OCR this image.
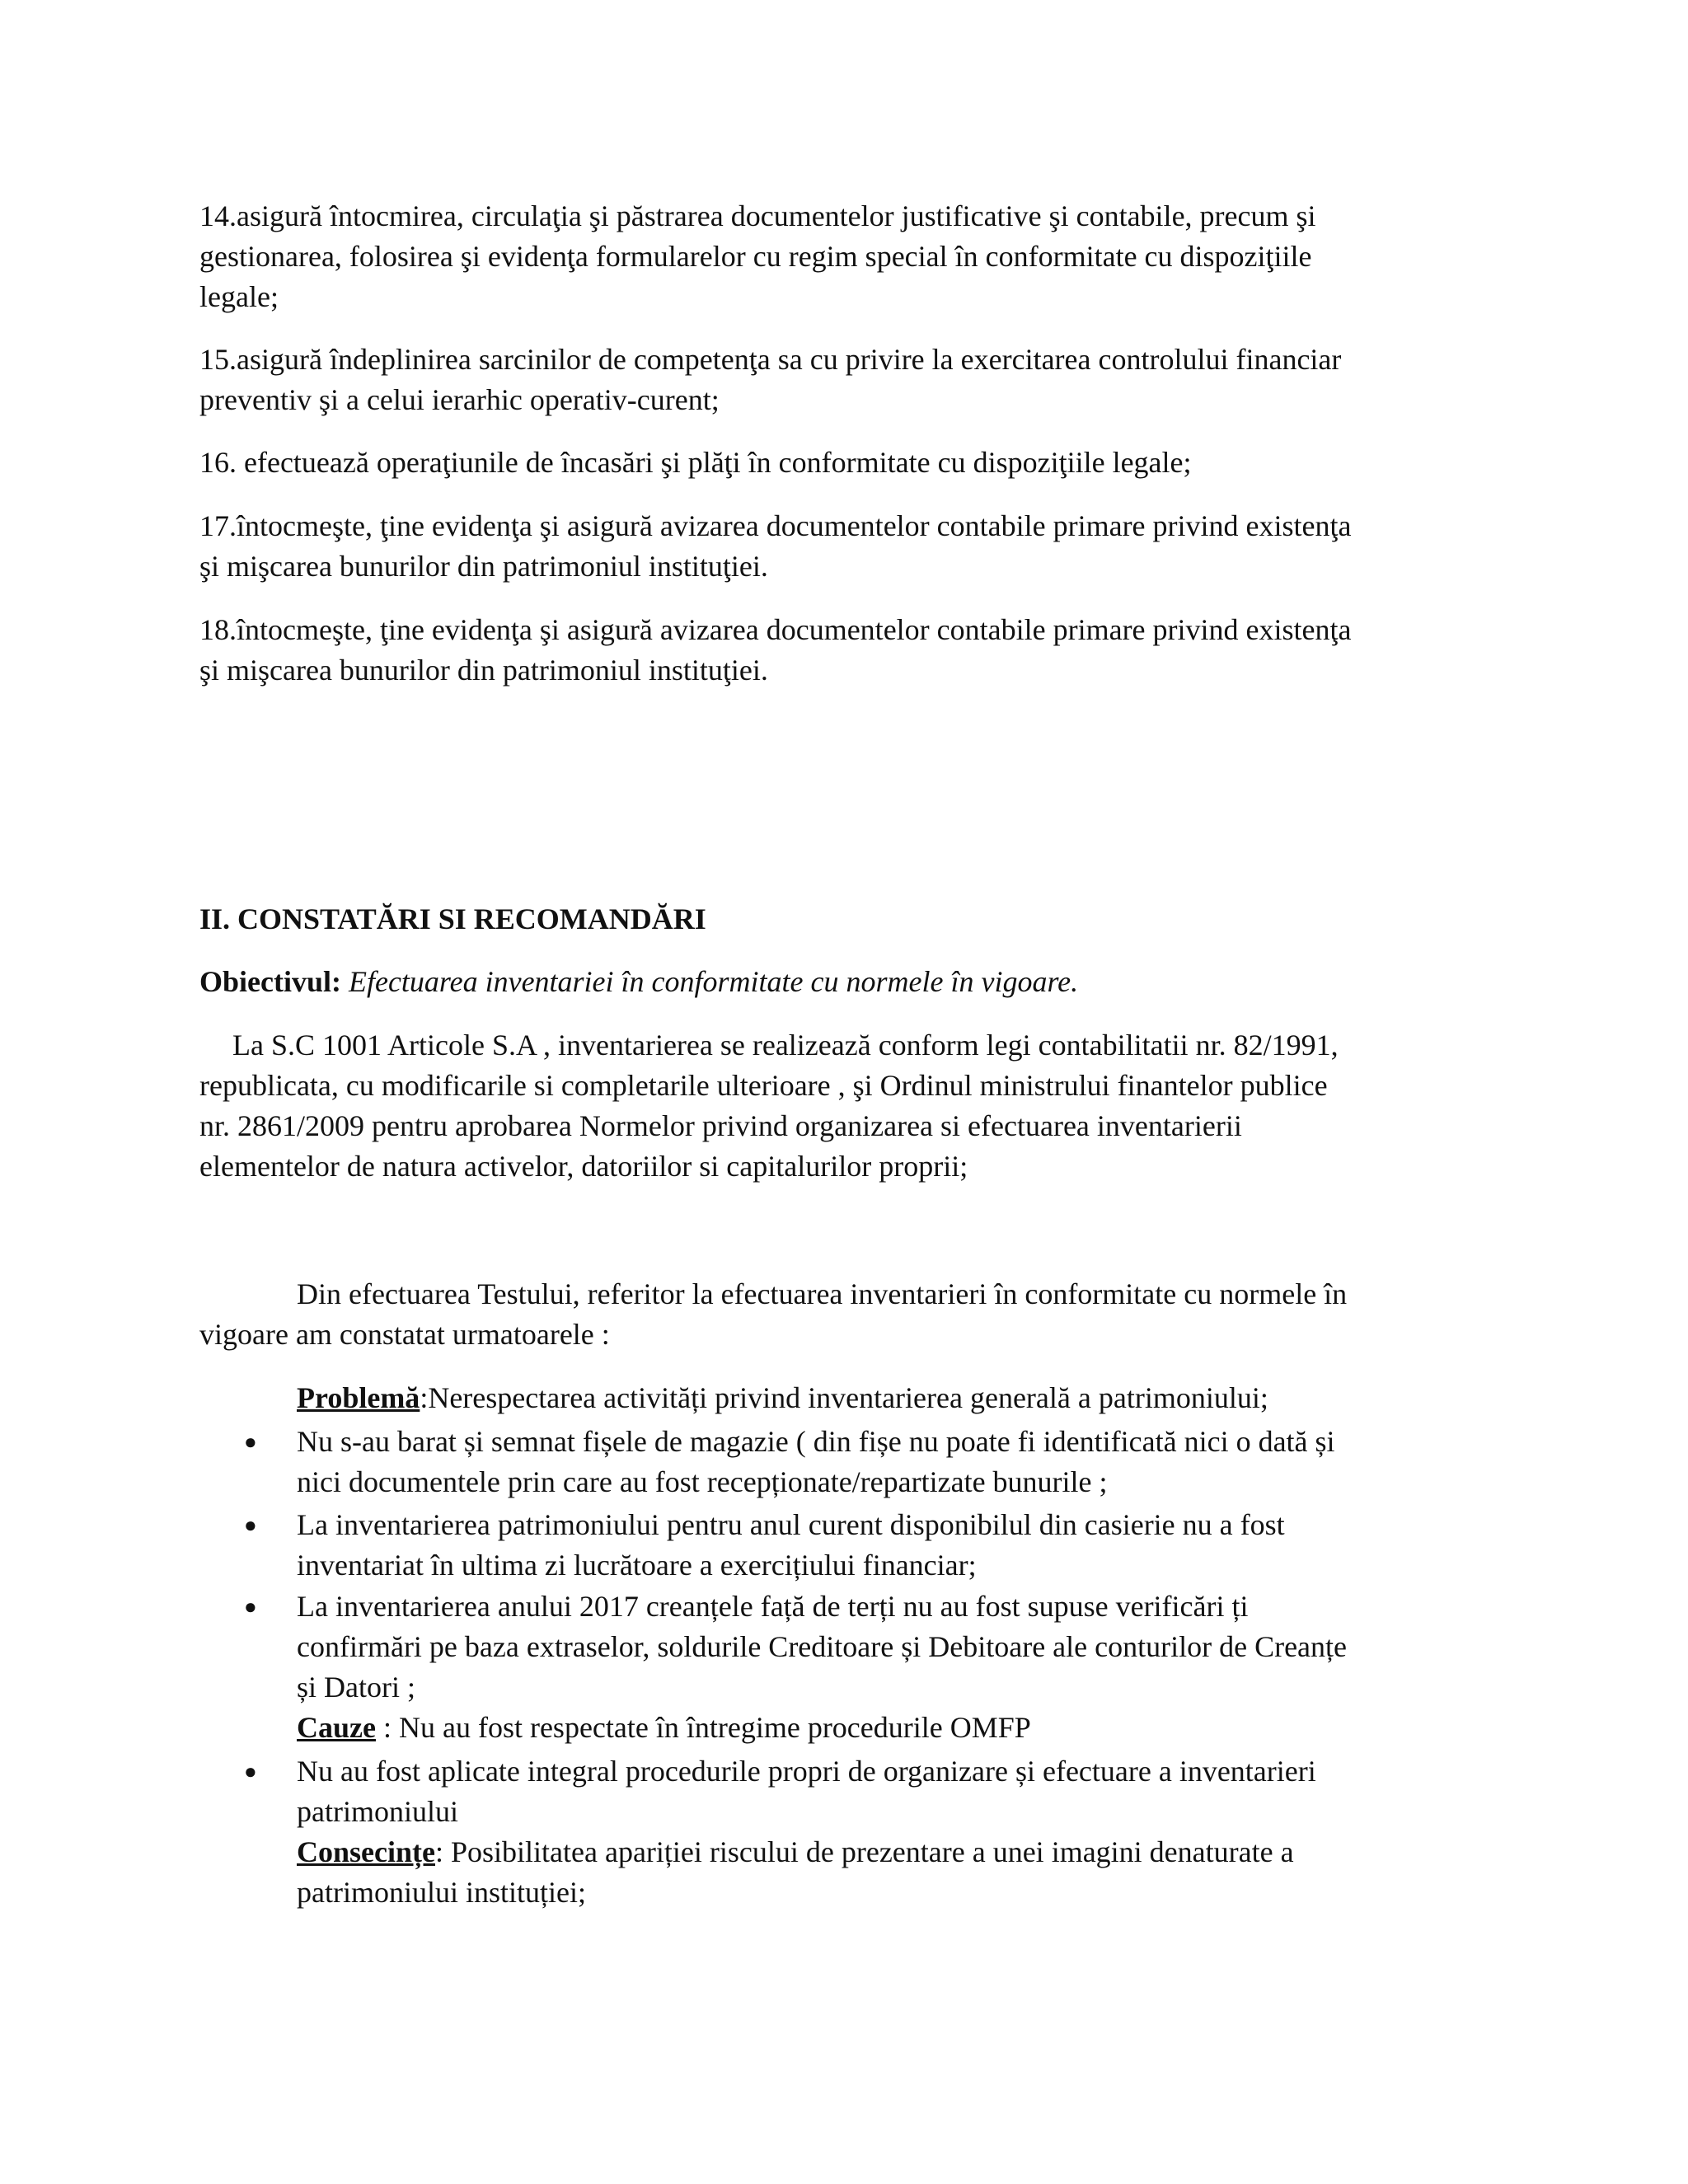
14.asigură întocmirea, circulaţia şi păstrarea documentelor justificative şi contabile, precum şi

gestionarea, folosirea şi evidenţa formularelor cu regim special în conformitate cu dispoziţiile

legale;

15.asigură îndeplinirea sarcinilor de competenţa sa cu privire la exercitarea controlului financiar

preventiv şi a celui ierarhic operativ-curent;

16. efectuează operaţiunile de încasări şi plăţi în conformitate cu dispoziţiile legale;

17.întocmeşte, ţine evidenţa şi asigură avizarea documentelor contabile primare privind existenţa

şi mişcarea bunurilor din patrimoniul instituţiei.

18.întocmeşte, ţine evidenţa şi asigură avizarea documentelor contabile primare privind existenţa

şi mişcarea bunurilor din patrimoniul instituţiei.

II. CONSTATĂRI SI RECOMANDĂRI
Obiectivul: Efectuarea inventariei în conformitate cu normele în vigoare.

La S.C 1001 Articole S.A , inventarierea se realizează conform legi contabilitatii nr. 82/1991,

republicata, cu modificarile si completarile ulterioare , şi Ordinul ministrului finantelor publice

nr. 2861/2009 pentru aprobarea Normelor privind organizarea si efectuarea inventarierii

elementelor de natura activelor, datoriilor si capitalurilor proprii;

Din efectuarea Testului, referitor la efectuarea inventarieri în conformitate cu normele în

vigoare am constatat urmatoarele :

Problemă:Nerespectarea activități privind inventarierea generală a patrimoniului;
● Nu s-au barat și semnat fișele de magazie ( din fișe nu poate fi identificată nici o dată și

nici documentele prin care au fost recepționate/repartizate bunurile ;

● La inventarierea patrimoniului pentru anul curent disponibilul din casierie nu a fost

inventariat în ultima zi lucrătoare a exercițiului financiar;

● La inventarierea anului 2017 creanțele față de terți nu au fost supuse verificări ți

confirmări pe baza extraselor, soldurile Creditoare și Debitoare ale conturilor de Creanțe

și Datori ;

Cauze : Nu au fost respectate în întregime procedurile OMFP

● Nu au fost aplicate integral procedurile propri de organizare și efectuare a inventarieri

patrimoniului

Consecințe: Posibilitatea apariției riscului de prezentare a unei imagini denaturate a

patrimoniului instituției;
